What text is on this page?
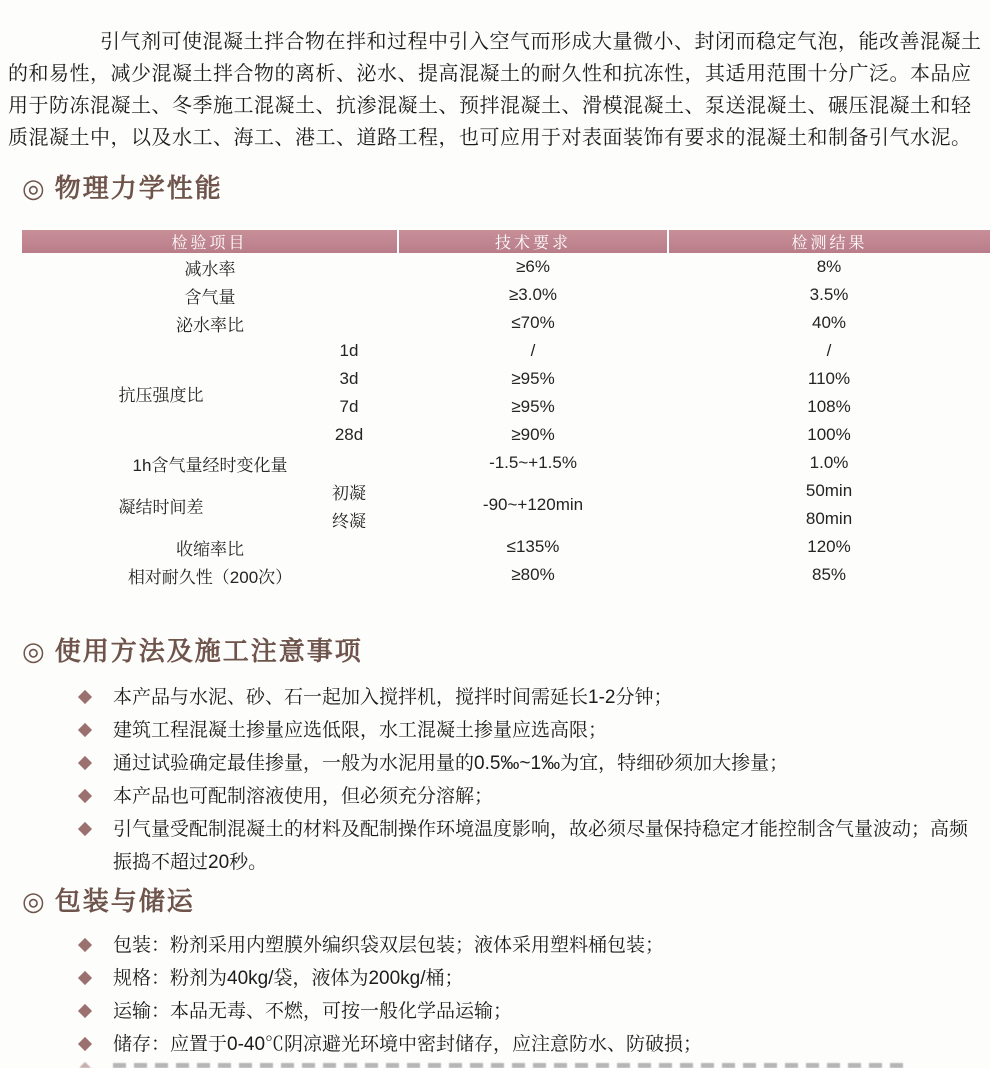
引气剂可使混凝土拌合物在拌和过程中引入空气而形成大量微小、封闭而稳定气泡，能改善混凝土的和易性，减少混凝土拌合物的离析、泌水、提高混凝土的耐久性和抗冻性，其适用范围十分广泛。本品应用于防冻混凝土、冬季施工混凝土、抗渗混凝土、预拌混凝土、滑模混凝土、泵送混凝土、碾压混凝土和轻质混凝土中，以及水工、海工、港工、道路工程，也可应用于对表面装饰有要求的混凝土和制备引气水泥。

◎ 物理力学性能
检验项目		技术要求	检测结果
减水率		≥6%	8%
含气量		≥3.0%	3.5%
泌水率比		≤70%	40%
抗压强度比	1d	/	/
	3d	≥95%	110%
	7d	≥95%	108%
	28d	≥90%	100%
1h含气量经时变化量		-1.5~+1.5%	1.0%
凝结时间差	初凝	-90~+120min	50min
	终凝		80min
收缩率比		≤135%	120%
相对耐久性（200次）		≥80%	85%
◎ 使用方法及施工注意事项
本产品与水泥、砂、石一起加入搅拌机，搅拌时间需延长1-2分钟；
建筑工程混凝土掺量应选低限，水工混凝土掺量应选高限；
通过试验确定最佳掺量，一般为水泥用量的0.5‰~1‰为宜，特细砂须加大掺量；
本产品也可配制溶液使用，但必须充分溶解；
引气量受配制混凝土的材料及配制操作环境温度影响，故必须尽量保持稳定才能控制含气量波动；高频振捣不超过20秒。
◎ 包装与储运
包装：粉剂采用内塑膜外编织袋双层包装；液体采用塑料桶包装；
规格：粉剂为40kg/袋，液体为200kg/桶；
运输：本品无毒、不燃，可按一般化学品运输；
储存：应置于0-40℃阴凉避光环境中密封储存，应注意防水、防破损；
